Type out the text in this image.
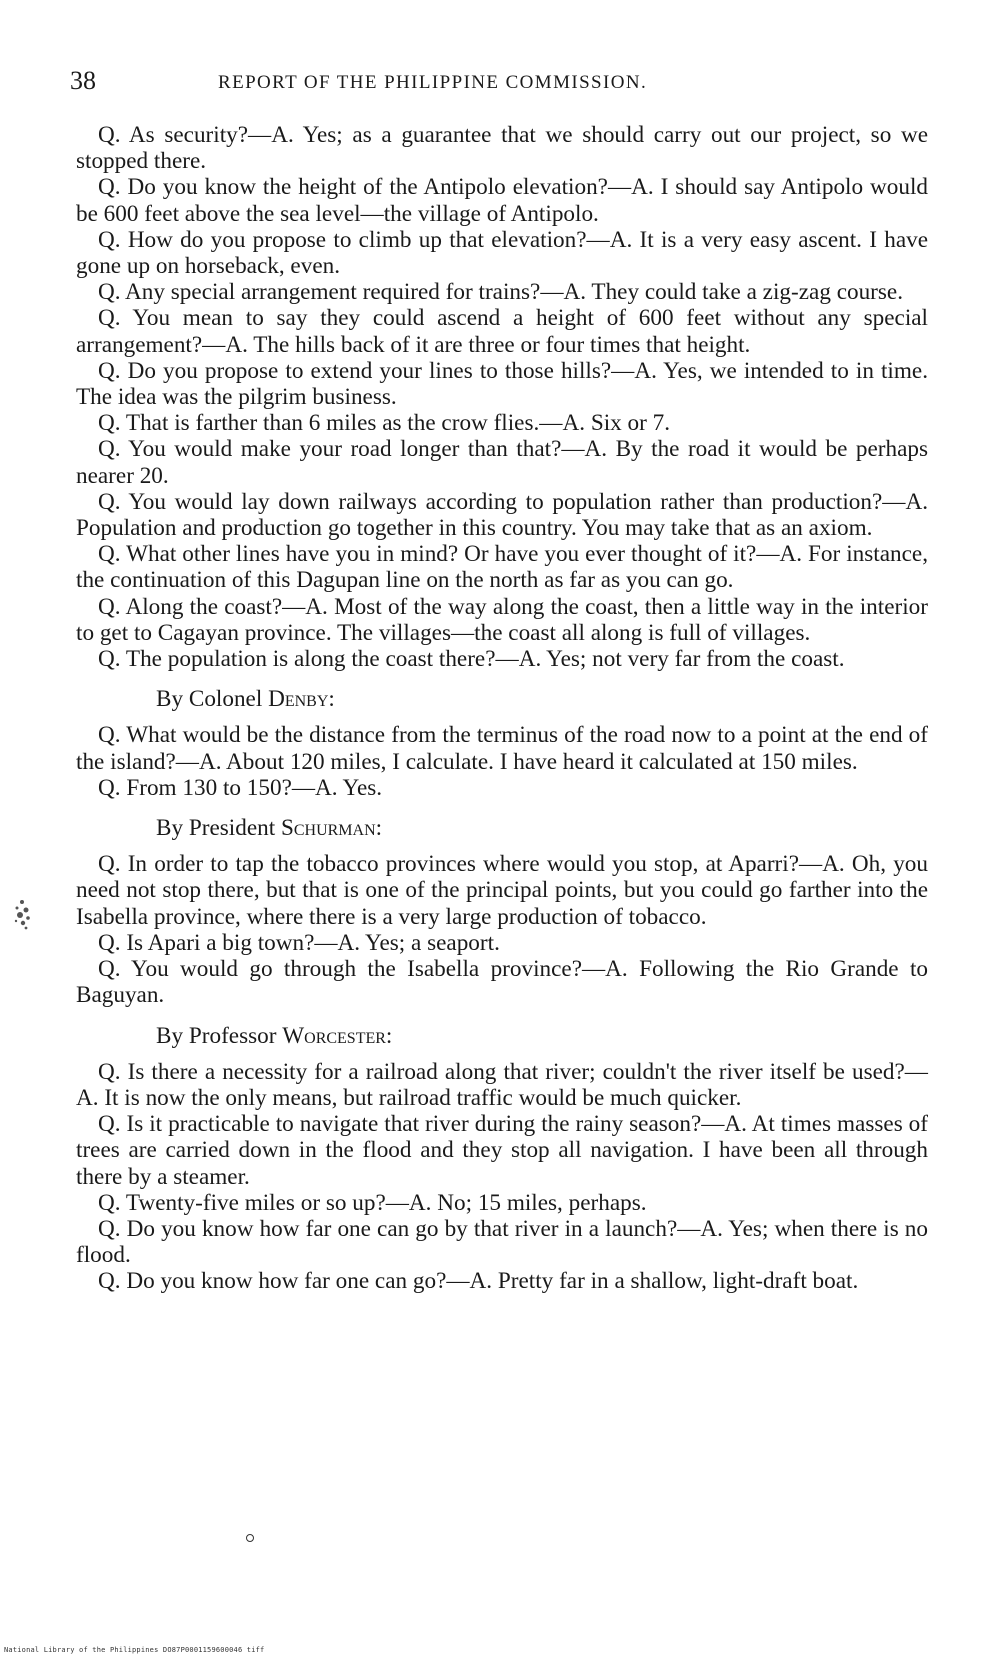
38	REPORT OF THE PHILIPPINE COMMISSION.

Q. As security?—A. Yes; as a guarantee that we should carry out our project, so we stopped there.

Q. Do you know the height of the Antipolo elevation?—A. I should say Antipolo would be 600 feet above the sea level—the village of Antipolo.

Q. How do you propose to climb up that elevation?—A. It is a very easy ascent. I have gone up on horseback, even.

Q. Any special arrangement required for trains?—A. They could take a zig-zag course.

Q. You mean to say they could ascend a height of 600 feet without any special arrangement?—A. The hills back of it are three or four times that height.

Q. Do you propose to extend your lines to those hills?—A. Yes, we intended to in time. The idea was the pilgrim business.

Q. That is farther than 6 miles as the crow flies.—A. Six or 7.

Q. You would make your road longer than that?—A. By the road it would be perhaps nearer 20.

Q. You would lay down railways according to population rather than production?—A. Population and production go together in this country. You may take that as an axiom.

Q. What other lines have you in mind? Or have you ever thought of it?—A. For instance, the continuation of this Dagupan line on the north as far as you can go.

Q. Along the coast?—A. Most of the way along the coast, then a little way in the interior to get to Cagayan province. The villages—the coast all along is full of villages.

Q. The population is along the coast there?—A. Yes; not very far from the coast.

By Colonel Denby:

Q. What would be the distance from the terminus of the road now to a point at the end of the island?—A. About 120 miles, I calculate. I have heard it calculated at 150 miles.

Q. From 130 to 150?—A. Yes.

By President Schurman:

Q. In order to tap the tobacco provinces where would you stop, at Aparri?—A. Oh, you need not stop there, but that is one of the principal points, but you could go farther into the Isabella province, where there is a very large production of tobacco.

Q. Is Apari a big town?—A. Yes; a seaport.

Q. You would go through the Isabella province?—A. Following the Rio Grande to Baguyan.

By Professor Worcester:

Q. Is there a necessity for a railroad along that river; couldn't the river itself be used?—A. It is now the only means, but railroad traffic would be much quicker.

Q. Is it practicable to navigate that river during the rainy season?—A. At times masses of trees are carried down in the flood and they stop all navigation. I have been all through there by a steamer.

Q. Twenty-five miles or so up?—A. No; 15 miles, perhaps.

Q. Do you know how far one can go by that river in a launch?—A. Yes; when there is no flood.

Q. Do you know how far one can go?—A. Pretty far in a shallow, light-draft boat.

National Library of the Philippines DO87P0001159600046 tiff
